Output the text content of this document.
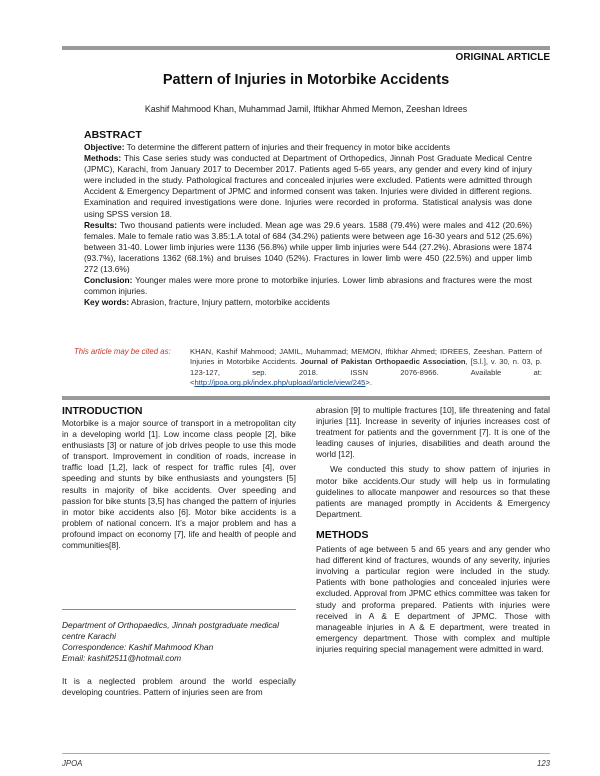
ORIGINAL ARTICLE
Pattern of Injuries in Motorbike Accidents
Kashif Mahmood Khan, Muhammad Jamil, Iftikhar Ahmed Memon, Zeeshan Idrees
ABSTRACT

Objective: To determine the different pattern of injuries and their frequency in motor bike accidents

Methods: This Case series study was conducted at Department of Orthopedics, Jinnah Post Graduate Medical Centre (JPMC), Karachi, from January 2017 to December 2017. Patients aged 5-65 years, any gender and every kind of injury were included in the study. Pathological fractures and concealed injuries were excluded. Patients were admitted through Accident & Emergency Department of JPMC and informed consent was taken. Injuries were divided in different regions. Examination and required investigations were done. Injuries were recorded in proforma. Statistical analysis was done using SPSS version 18.

Results: Two thousand patients were included. Mean age was 29.6 years. 1588 (79.4%) were males and 412 (20.6%) females. Male to female ratio was 3.85:1.A total of 684 (34.2%) patients were between age 16-30 years and 512 (25.6%) between 31-40. Lower limb injuries were 1136 (56.8%) while upper limb injuries were 544 (27.2%). Abrasions were 1874 (93.7%), lacerations 1362 (68.1%) and bruises 1040 (52%). Fractures in lower limb were 450 (22.5%) and upper limb 272 (13.6%)

Conclusion: Younger males were more prone to motorbike injuries. Lower limb abrasions and fractures were the most common injuries.

Key words: Abrasion, fracture, Injury pattern, motorbike accidents

This article may be cited as:	KHAN, Kashif Mahmood; JAMIL, Muhammad; MEMON, Iftikhar Ahmed; IDREES, Zeeshan. Pattern of Injuries in Motorbike Accidents. Journal of Pakistan Orthopaedic Association, [S.l.], v. 30, n. 03, p. 123-127, sep. 2018. ISSN 2076-8966. Available at: <http://jpoa.org.pk/index.php/upload/article/view/245>.
INTRODUCTION
Motorbike is a major source of transport in a metropolitan city in a developing world [1]. Low income class people [2], bike enthusiasts [3] or nature of job drives people to use this mode of transport. Improvement in condition of roads, increase in traffic load [1,2], lack of respect for traffic rules [4], over speeding and stunts by bike enthusiasts and youngsters [5] results in majority of bike accidents. Over speeding and passion for bike stunts [3,5] has changed the pattern of injuries in motor bike accidents also [6]. Motor bike accidents is a problem of national concern. It’s a major problem and has a profound impact on economy [7], life and health of people and communities[8].
Department of Orthopaedics, Jinnah postgraduate medical centre Karachi
Correspondence: Kashif Mahmood Khan
Email: kashif2511@hotmail.com
It is a neglected problem around the world especially developing countries. Pattern of injuries seen are from

abrasion [9] to multiple fractures [10], life threatening and fatal injuries [11]. Increase in severity of injuries increases cost of treatment for patients and the government [7]. It is one of the leading causes of injuries, disabilities and death around the world [12].

We conducted this study to show pattern of injuries in motor bike accidents.Our study will help us in formulating guidelines to allocate manpower and resources so that these patients are managed promptly in Accidents & Emergency Department.

METHODS

Patients of age between 5 and 65 years and any gender who had different kind of fractures, wounds of any severity, injuries involving a particular region were included in the study. Patients with bone pathologies and concealed injuries were excluded. Approval from JPMC ethics committee was taken for study and proforma prepared. Patients with injuries were received in A & E department of JPMC. Those with manageable injuries in A & E department, were treated in emergency department. Those with complex and multiple injuries requiring special management were admitted in ward.

JPOA	123
